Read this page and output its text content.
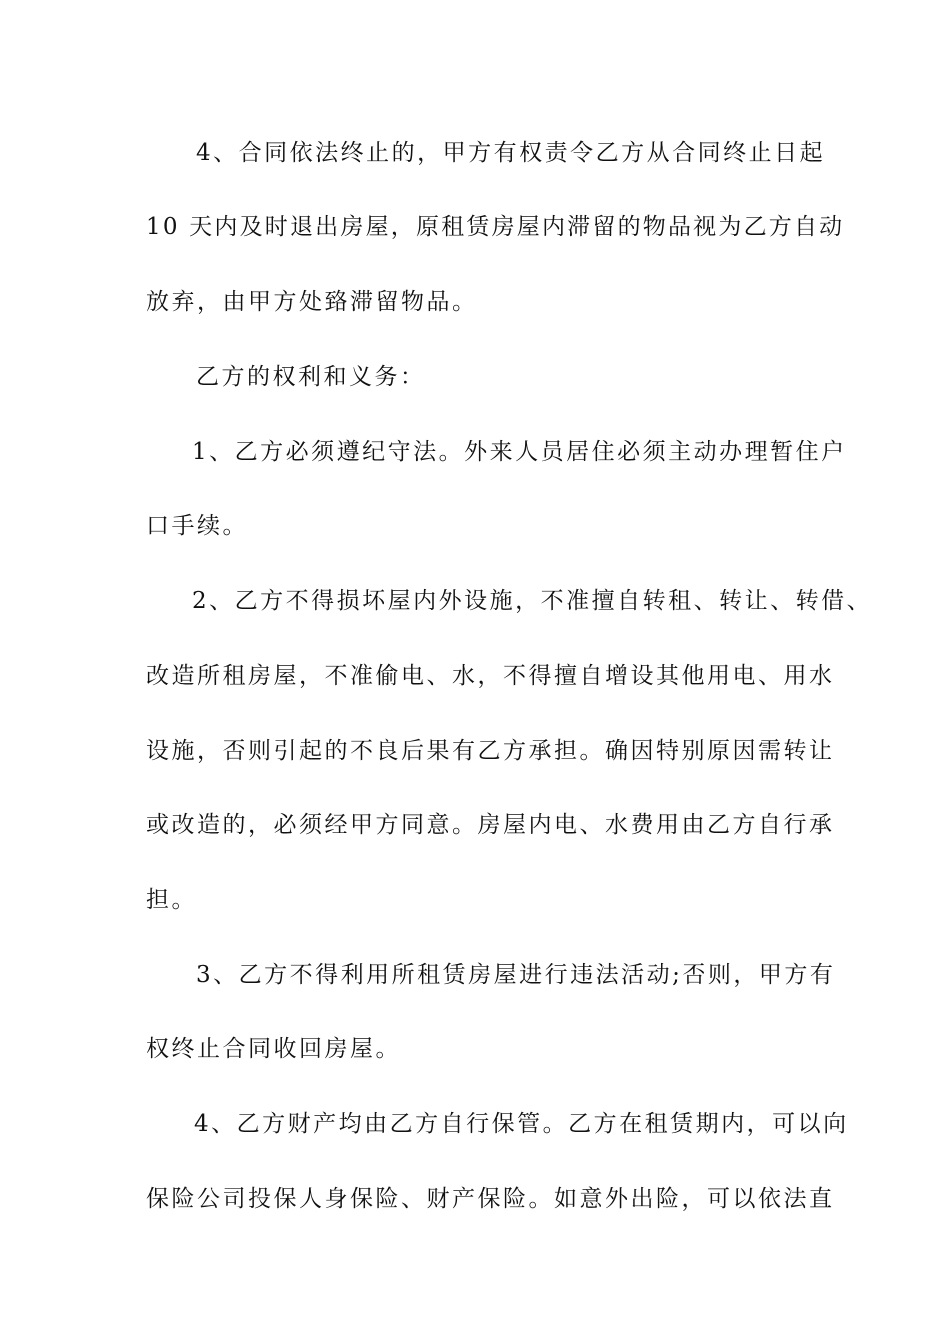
4、合同依法终止的，甲方有权责令乙方从合同终止日起
10 天内及时退出房屋，原租赁房屋内滞留的物品视为乙方自动
放弃，由甲方处臵滞留物品。
乙方的权利和义务：
1、乙方必须遵纪守法。外来人员居住必须主动办理暂住户
口手续。
2、乙方不得损坏屋内外设施，不准擅自转租、转让、转借、
改造所租房屋，不准偷电、水，不得擅自增设其他用电、用水
设施，否则引起的不良后果有乙方承担。确因特别原因需转让
或改造的，必须经甲方同意。房屋内电、水费用由乙方自行承
担。
3、乙方不得利用所租赁房屋进行违法活动;否则，甲方有
权终止合同收回房屋。
4、乙方财产均由乙方自行保管。乙方在租赁期内，可以向
保险公司投保人身保险、财产保险。如意外出险，可以依法直
